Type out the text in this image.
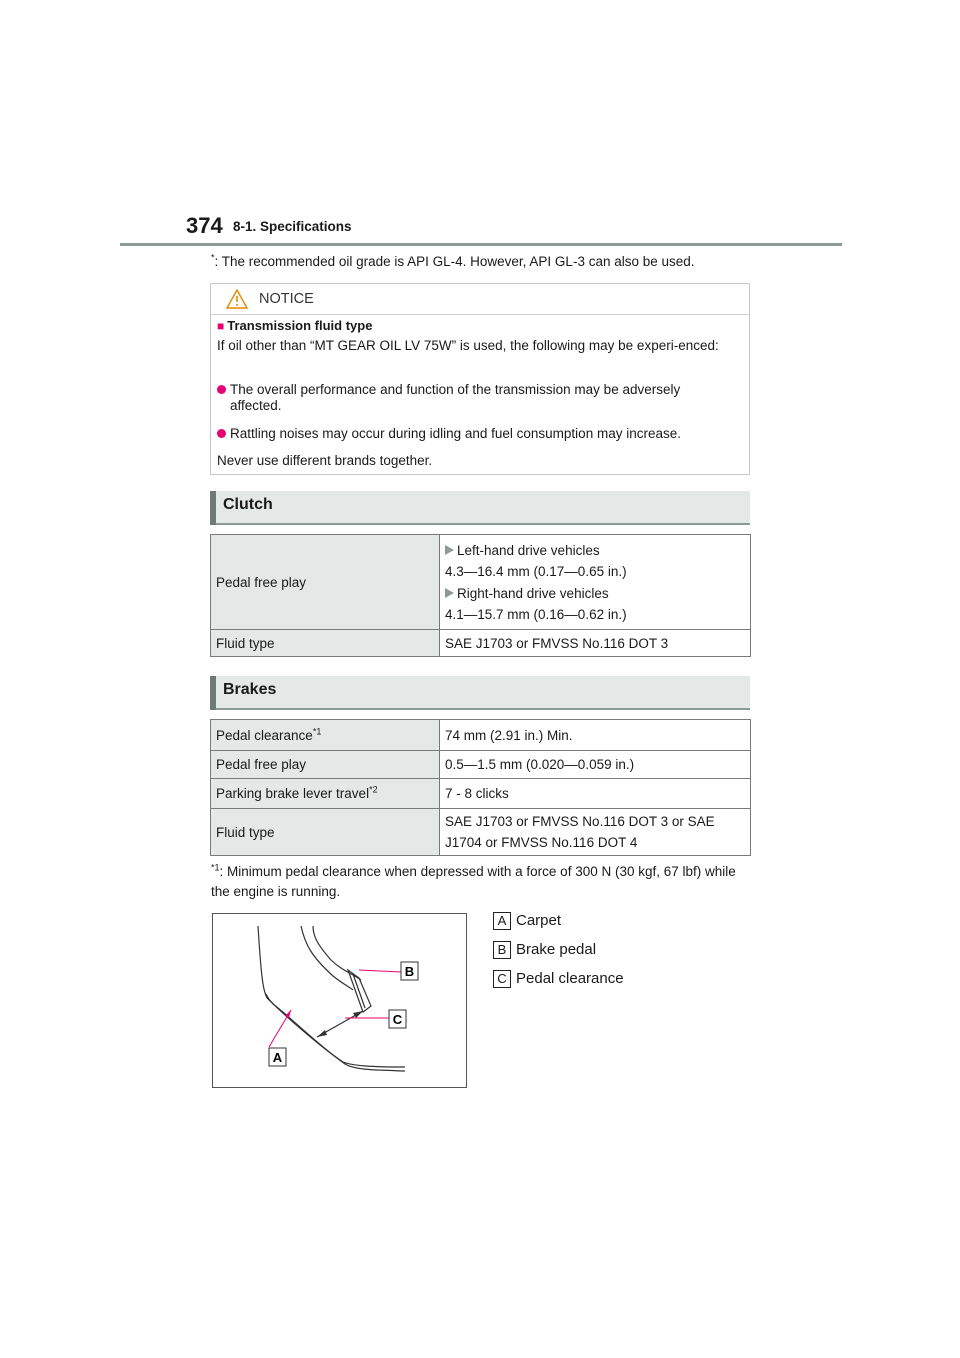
374 8-1. Specifications
*: The recommended oil grade is API GL-4. However, API GL-3 can also be used.
NOTICE
■ Transmission fluid type
If oil other than “MT GEAR OIL LV 75W” is used, the following may be experi-enced:
The overall performance and function of the transmission may be adversely affected.
Rattling noises may occur during idling and fuel consumption may increase.
Never use different brands together.
Clutch
Pedal free play	Left-hand drive vehicles
4.3—16.4 mm (0.17—0.65 in.)
Right-hand drive vehicles
4.1—15.7 mm (0.16—0.62 in.)

Fluid type	SAE J1703 or FMVSS No.116 DOT 3
Brakes
Pedal clearance$^{*1}$	74 mm (2.91 in.) Min.
Pedal free play	0.5—1.5 mm (0.020—0.059 in.)
Parking brake lever travel$^{*2}$	7 - 8 clicks
Fluid type	SAE J1703 or FMVSS No.116 DOT 3 or SAE J1704 or FMVSS No.116 DOT 4
$^{*1}$: Minimum pedal clearance when depressed with a force of 300 N (30 kgf, 67 lbf) while the engine is running.
B
C
A
A Carpet
B Brake pedal
C Pedal clearance
